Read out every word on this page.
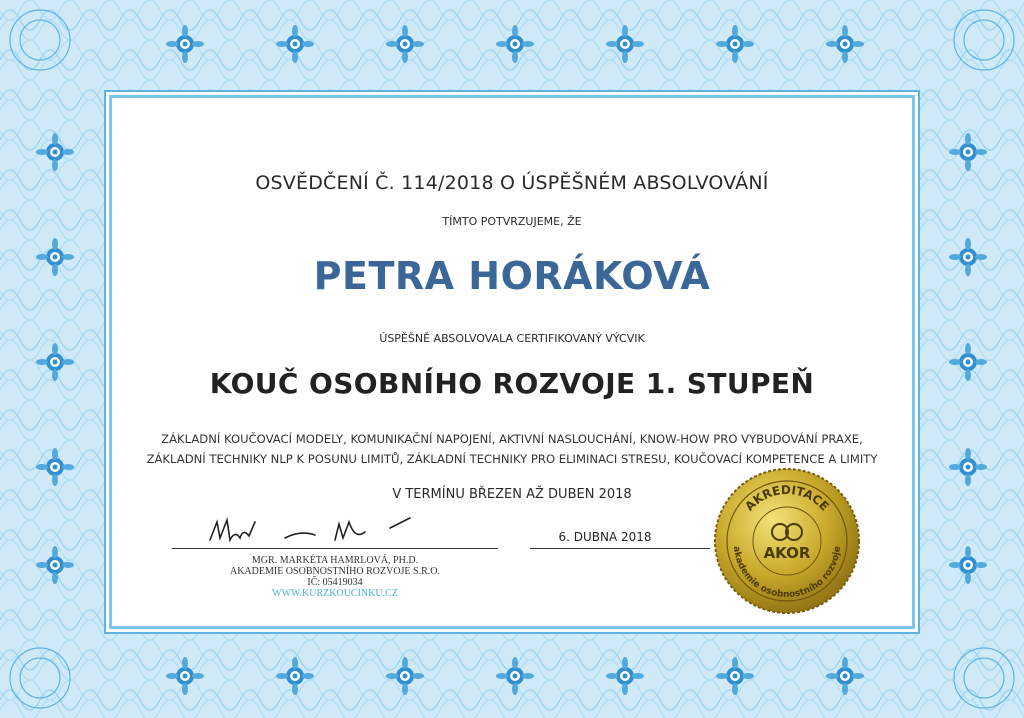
OSVĚDČENÍ Č. 114/2018 O ÚSPĚŠNÉM ABSOLVOVÁNÍ
TÍMTO POTVRZUJEME, ŽE
PETRA HORÁKOVÁ
ÚSPĚŠNĚ ABSOLVOVALA CERTIFIKOVANÝ VÝCVIK
KOUČ OSOBNÍHO ROZVOJE 1. STUPEŇ
ZÁKLADNÍ KOUČOVACÍ MODELY, KOMUNIKAČNÍ NAPOJENÍ, AKTIVNÍ NASLOUCHÁNÍ, KNOW-HOW PRO VYBUDOVÁNÍ PRAXE,
ZÁKLADNÍ TECHNIKY NLP K POSUNU LIMITŮ, ZÁKLADNÍ TECHNIKY PRO ELIMINACI STRESU, KOUČOVACÍ KOMPETENCE A LIMITY
V TERMÍNU BŘEZEN AŽ DUBEN 2018
6. DUBNA 2018
MGR. MARKÉTA HAMRLOVÁ, PH.D.
AKADEMIE OSOBNOSTNÍHO ROZVOJE S.R.O.
IČ: 05419034
WWW.KURZKOUCINKU.CZ
AKREDITACE
akademie osobnostního rozvoje
AKOR
